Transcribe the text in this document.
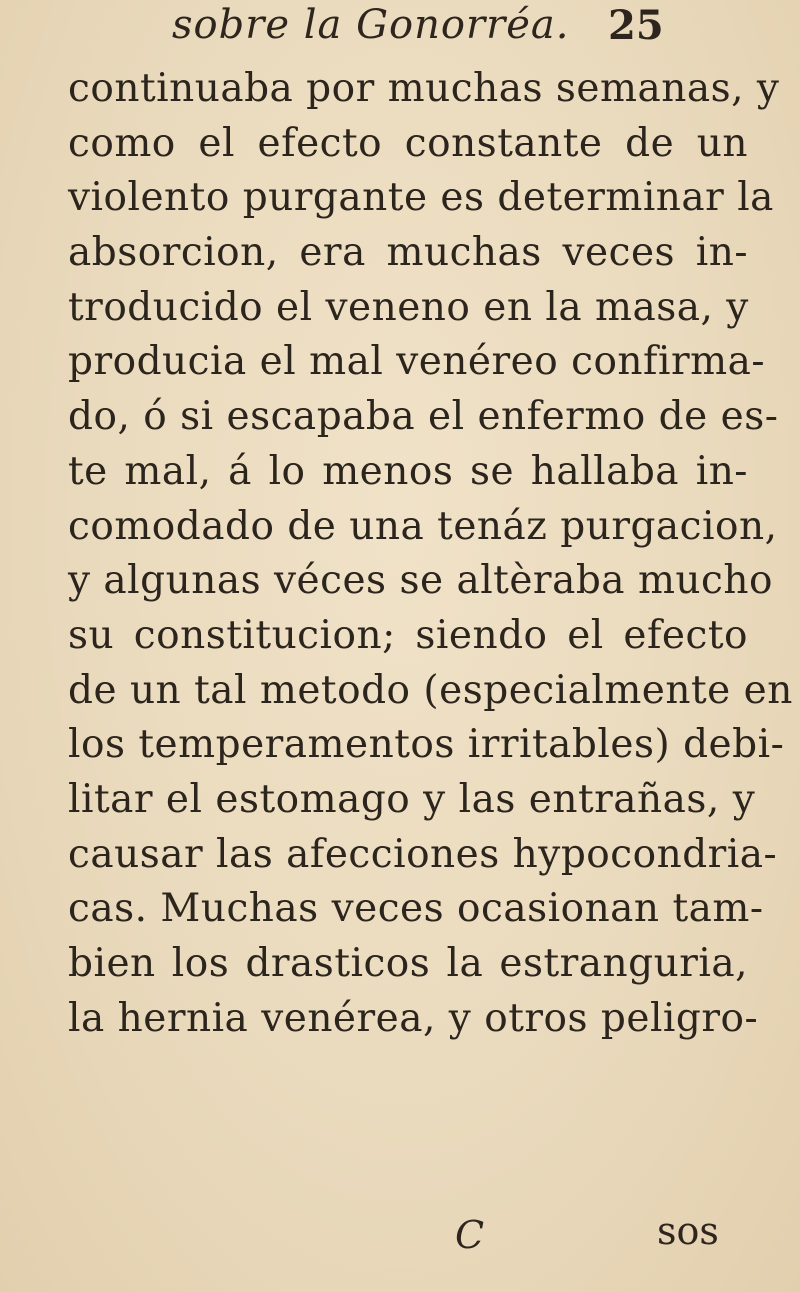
sobre la Gonorréa. 25
continuaba por muchas semanas, y
como el efecto constante de un
violento purgante es determinar la
absorcion, era muchas veces in-
troducido el veneno en la masa, y
producia el mal venéreo confirma-
do, ó si escapaba el enfermo de es-
te mal, á lo menos se hallaba in-
comodado de una tenáz purgacion,
y algunas véces se altèraba mucho
su constitucion; siendo el efecto
de un tal metodo (especialmente en
los temperamentos irritables) debi-
litar el estomago y las entrañas, y
causar las afecciones hypocondria-
cas. Muchas veces ocasionan tam-
bien los drasticos la estranguria,
la hernia venérea, y otros peligro-
C	sos
